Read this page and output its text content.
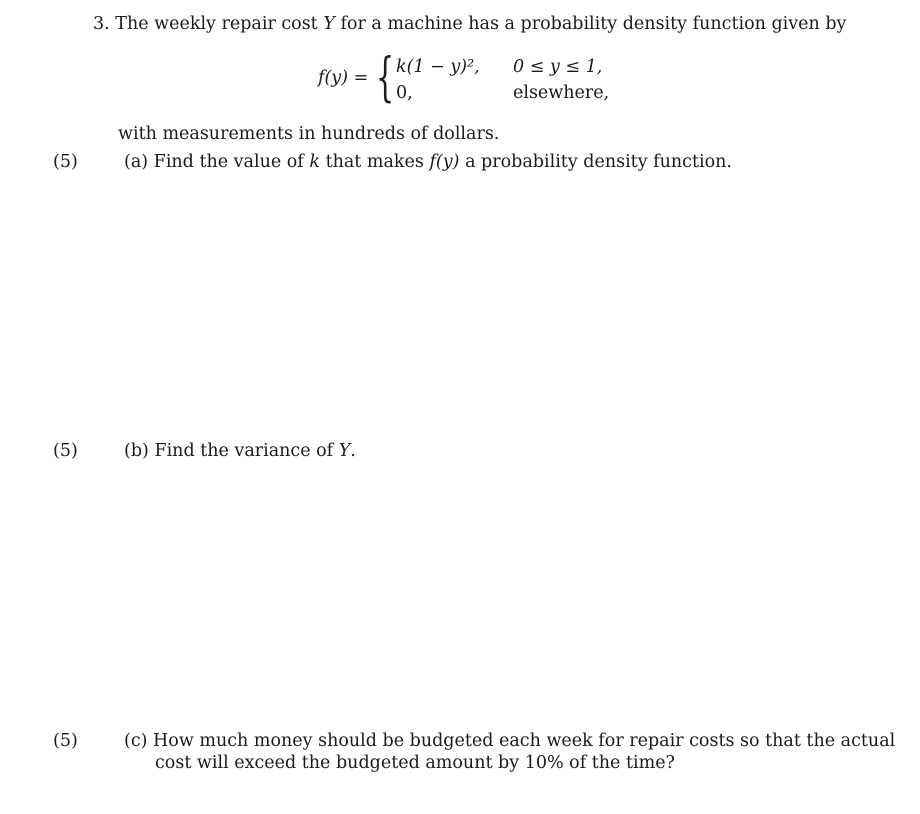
3. The weekly repair cost Y for a machine has a probability density function given by
f(y) = { k(1 − y)², 0 ≤ y ≤ 1,
0,	elsewhere,
with measurements in hundreds of dollars.
(5)	(a) Find the value of k that makes f(y) a probability density function.
(5)	(b) Find the variance of Y.
(5)	(c) How much money should be budgeted each week for repair costs so that the actual
cost will exceed the budgeted amount by 10% of the time?
